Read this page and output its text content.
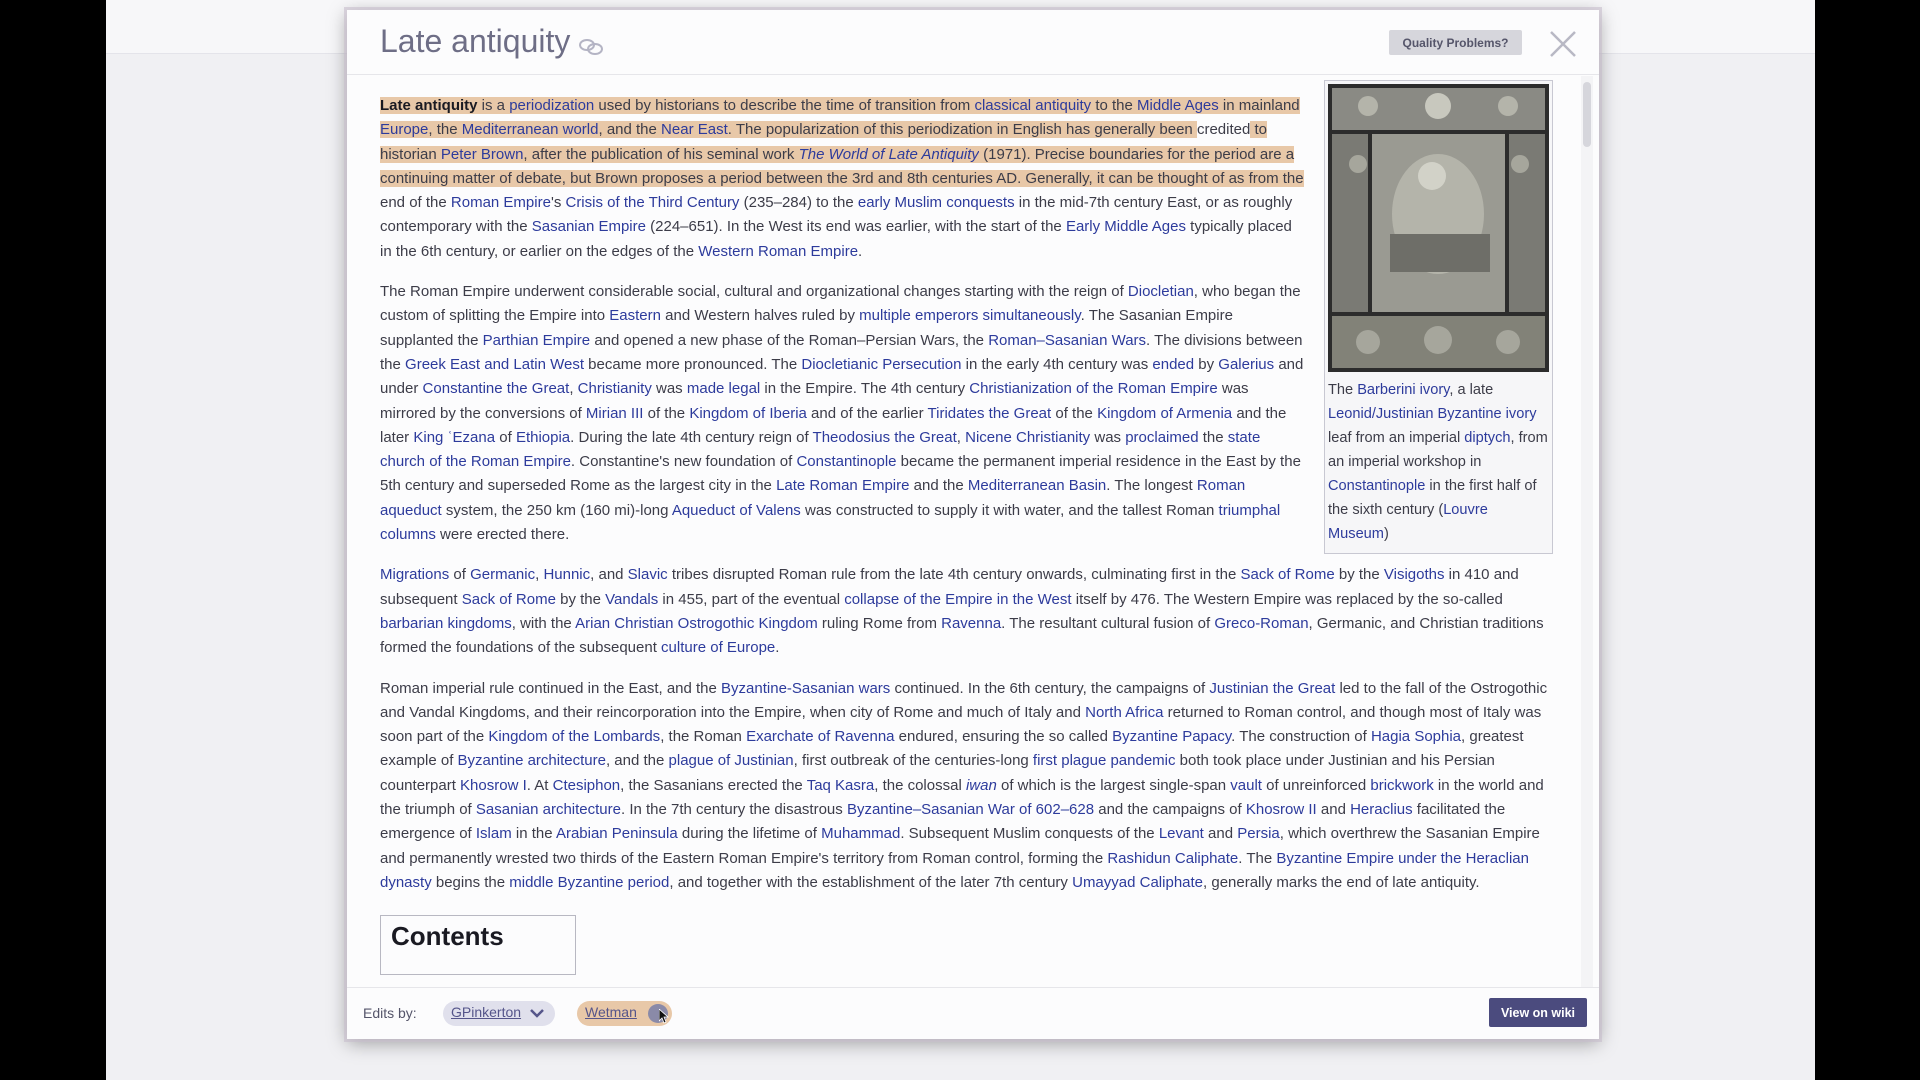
Late antiquity	Quality Problems?
The Barberini ivory, a late Leonid/Justinian Byzantine ivory leaf from an imperial diptych, from an imperial workshop in Constantinople in the first half of the sixth century (Louvre Museum)

Late antiquity is a periodization used by historians to describe the time of transition from classical antiquity to the Middle Ages in mainland Europe, the Mediterranean world, and the Near East. The popularization of this periodization in English has generally been credited to historian Peter Brown, after the publication of his seminal work The World of Late Antiquity (1971). Precise boundaries for the period are a continuing matter of debate, but Brown proposes a period between the 3rd and 8th centuries AD. Generally, it can be thought of as from the end of the Roman Empire's Crisis of the Third Century (235–284) to the early Muslim conquests in the mid-7th century East, or as roughly contemporary with the Sasanian Empire (224–651). In the West its end was earlier, with the start of the Early Middle Ages typically placed in the 6th century, or earlier on the edges of the Western Roman Empire.

The Roman Empire underwent considerable social, cultural and organizational changes starting with the reign of Diocletian, who began the custom of splitting the Empire into Eastern and Western halves ruled by multiple emperors simultaneously. The Sasanian Empire supplanted the Parthian Empire and opened a new phase of the Roman–Persian Wars, the Roman–Sasanian Wars. The divisions between the Greek East and Latin West became more pronounced. The Diocletianic Persecution in the early 4th century was ended by Galerius and under Constantine the Great, Christianity was made legal in the Empire. The 4th century Christianization of the Roman Empire was mirrored by the conversions of Mirian III of the Kingdom of Iberia and of the earlier Tiridates the Great of the Kingdom of Armenia and the later King ʿEzana of Ethiopia. During the late 4th century reign of Theodosius the Great, Nicene Christianity was proclaimed the state church of the Roman Empire. Constantine's new foundation of Constantinople became the permanent imperial residence in the East by the 5th century and superseded Rome as the largest city in the Late Roman Empire and the Mediterranean Basin. The longest Roman aqueduct system, the 250 km (160 mi)-long Aqueduct of Valens was constructed to supply it with water, and the tallest Roman triumphal columns were erected there.

Migrations of Germanic, Hunnic, and Slavic tribes disrupted Roman rule from the late 4th century onwards, culminating first in the Sack of Rome by the Visigoths in 410 and subsequent Sack of Rome by the Vandals in 455, part of the eventual collapse of the Empire in the West itself by 476. The Western Empire was replaced by the so-called barbarian kingdoms, with the Arian Christian Ostrogothic Kingdom ruling Rome from Ravenna. The resultant cultural fusion of Greco-Roman, Germanic, and Christian traditions formed the foundations of the subsequent culture of Europe.

Roman imperial rule continued in the East, and the Byzantine-Sasanian wars continued. In the 6th century, the campaigns of Justinian the Great led to the fall of the Ostrogothic and Vandal Kingdoms, and their reincorporation into the Empire, when city of Rome and much of Italy and North Africa returned to Roman control, and though most of Italy was soon part of the Kingdom of the Lombards, the Roman Exarchate of Ravenna endured, ensuring the so called Byzantine Papacy. The construction of Hagia Sophia, greatest example of Byzantine architecture, and the plague of Justinian, first outbreak of the centuries-long first plague pandemic both took place under Justinian and his Persian counterpart Khosrow I. At Ctesiphon, the Sasanians erected the Taq Kasra, the colossal iwan of which is the largest single-span vault of unreinforced brickwork in the world and the triumph of Sasanian architecture. In the 7th century the disastrous Byzantine–Sasanian War of 602–628 and the campaigns of Khosrow II and Heraclius facilitated the emergence of Islam in the Arabian Peninsula during the lifetime of Muhammad. Subsequent Muslim conquests of the Levant and Persia, which overthrew the Sasanian Empire and permanently wrested two thirds of the Eastern Roman Empire's territory from Roman control, forming the Rashidun Caliphate. The Byzantine Empire under the Heraclian dynasty begins the middle Byzantine period, and together with the establishment of the later 7th century Umayyad Caliphate, generally marks the end of late antiquity.

Contents
Edits by:	GPinkerton	Wetman	View on wiki
